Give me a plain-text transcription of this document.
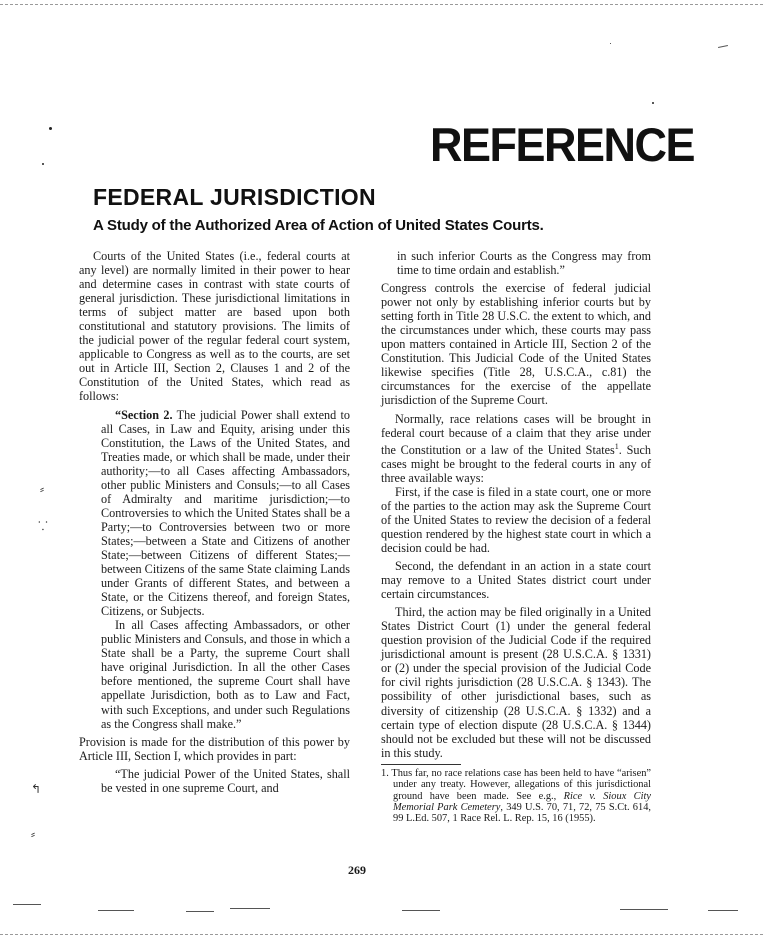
REFERENCE
FEDERAL JURISDICTION
A Study of the Authorized Area of Action of United States Courts.
⸗
⸪
↰
⸗

Courts of the United States (i.e., federal courts at any level) are normally limited in their power to hear and determine cases in contrast with state courts of general jurisdiction. These jurisdictional limitations in terms of subject matter are based upon both constitutional and statutory provisions. The limits of the judicial power of the regular federal court system, applicable to Congress as well as to the courts, are set out in Article III, Section 2, Clauses 1 and 2 of the Constitution of the United States, which read as follows:

“Section 2. The judicial Power shall extend to all Cases, in Law and Equity, arising under this Constitution, the Laws of the United States, and Treaties made, or which shall be made, under their authority;—to all Cases affecting Ambassadors, other public Ministers and Consuls;—to all Cases of Admiralty and maritime jurisdiction;—to Controversies to which the United States shall be a Party;—to Controversies between two or more States;—between a State and Citizens of another State;—between Citizens of different States;—between Citizens of the same State claiming Lands under Grants of different States, and between a State, or the Citizens thereof, and foreign States, Citizens, or Subjects.

In all Cases affecting Ambassadors, or other public Ministers and Consuls, and those in which a State shall be a Party, the supreme Court shall have original Jurisdiction. In all the other Cases before mentioned, the supreme Court shall have appellate Jurisdiction, both as to Law and Fact, with such Exceptions, and under such Regulations as the Congress shall make.”

Provision is made for the distribution of this power by Article III, Section I, which provides in part:

“The judicial Power of the United States, shall be vested in one supreme Court, and

in such inferior Courts as the Congress may from time to time ordain and establish.”

Congress controls the exercise of federal judicial power not only by establishing inferior courts but by setting forth in Title 28 U.S.C. the extent to which, and the circumstances under which, these courts may pass upon matters contained in Article III, Section 2 of the Constitution. This Judicial Code of the United States likewise specifies (Title 28, U.S.C.A., c.81) the circumstances for the exercise of the appellate jurisdiction of the Supreme Court.

Normally, race relations cases will be brought in federal court because of a claim that they arise under the Constitution or a law of the United States$^1$. Such cases might be brought to the federal courts in any of three available ways:

First, if the case is filed in a state court, one or more of the parties to the action may ask the Supreme Court of the United States to review the decision of a federal question rendered by the highest state court in which a decision could be had.

Second, the defendant in an action in a state court may remove to a United States district court under certain circumstances.

Third, the action may be filed originally in a United States District Court (1) under the general federal question provision of the Judicial Code if the required jurisdictional amount is present (28 U.S.C.A. § 1331) or (2) under the special provision of the Judicial Code for civil rights jurisdiction (28 U.S.C.A. § 1343). The possibility of other jurisdictional bases, such as diversity of citizenship (28 U.S.C.A. § 1332) and a certain type of election dispute (28 U.S.C.A. § 1344) should not be excluded but these will not be discussed in this study.

1. Thus far, no race relations case has been held to have “arisen” under any treaty. However, allegations of this jurisdictional ground have been made. See e.g., Rice v. Sioux City Memorial Park Cemetery, 349 U.S. 70, 71, 72, 75 S.Ct. 614, 99 L.Ed. 507, 1 Race Rel. L. Rep. 15, 16 (1955).

269
